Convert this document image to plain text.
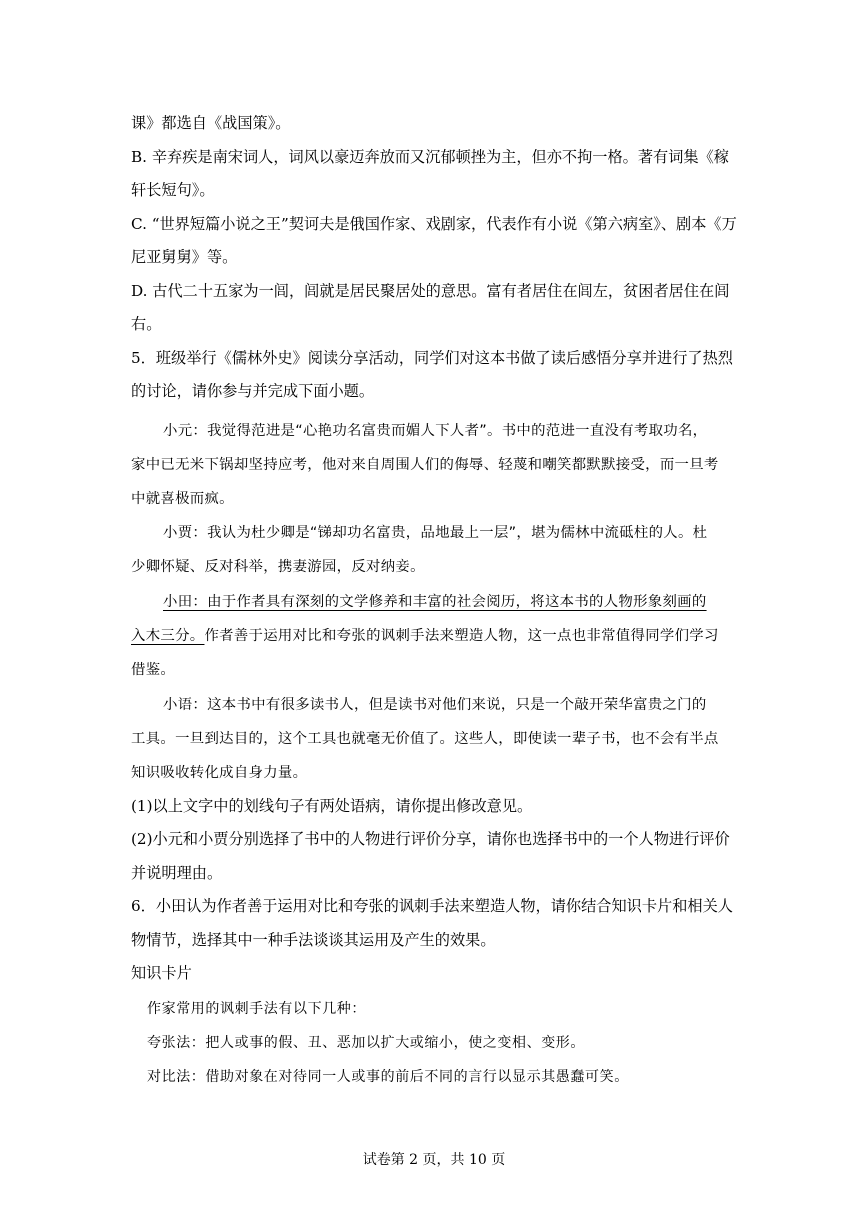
课》都选自《战国策》。

B. 辛弃疾是南宋词人，词风以豪迈奔放而又沉郁顿挫为主，但亦不拘一格。著有词集《稼

轩长短句》。

C. “世界短篇小说之王”契诃夫是俄国作家、戏剧家，代表作有小说《第六病室》、剧本《万

尼亚舅舅》等。

D. 古代二十五家为一闾，闾就是居民聚居处的意思。富有者居住在闾左，贫困者居住在闾

右。

5．班级举行《儒林外史》阅读分享活动，同学们对这本书做了读后感悟分享并进行了热烈

的讨论，请你参与并完成下面小题。

小元：我觉得范进是“心艳功名富贵而媚人下人者”。书中的范进一直没有考取功名，

家中已无米下锅却坚持应考，他对来自周围人们的侮辱、轻蔑和嘲笑都默默接受，而一旦考

中就喜极而疯。

小贾：我认为杜少卿是“锑却功名富贵，品地最上一层”，堪为儒林中流砥柱的人。杜

少卿怀疑、反对科举，携妻游园，反对纳妾。

小田：由于作者具有深刻的文学修养和丰富的社会阅历，将这本书的人物形象刻画的

入木三分。作者善于运用对比和夸张的讽刺手法来塑造人物，这一点也非常值得同学们学习

借鉴。

小语：这本书中有很多读书人，但是读书对他们来说，只是一个敲开荣华富贵之门的

工具。一旦到达目的，这个工具也就毫无价值了。这些人，即使读一辈子书，也不会有半点

知识吸收转化成自身力量。

(1)以上文字中的划线句子有两处语病，请你提出修改意见。

(2)小元和小贾分别选择了书中的人物进行评价分享，请你也选择书中的一个人物进行评价

并说明理由。

6．小田认为作者善于运用对比和夸张的讽刺手法来塑造人物，请你结合知识卡片和相关人

物情节，选择其中一种手法谈谈其运用及产生的效果。

知识卡片

作家常用的讽刺手法有以下几种：

夸张法：把人或事的假、丑、恶加以扩大或缩小，使之变相、变形。

对比法：借助对象在对待同一人或事的前后不同的言行以显示其愚蠢可笑。

试卷第 2 页，共 10 页
